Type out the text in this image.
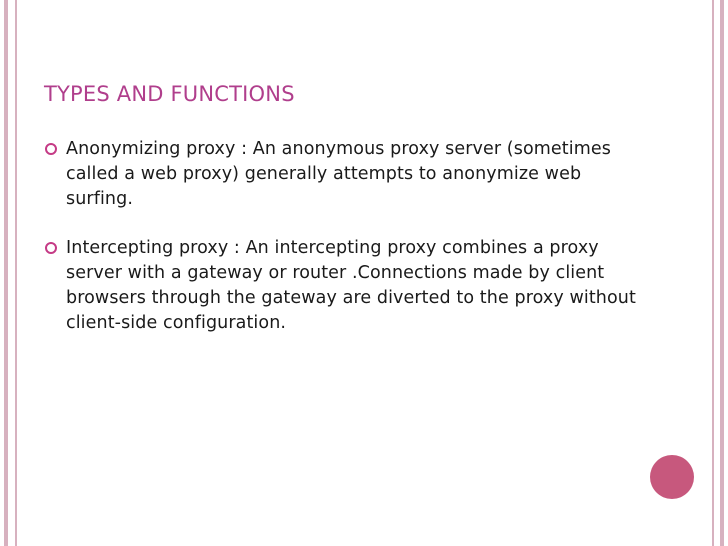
TYPES AND FUNCTIONS
Anonymizing proxy : An anonymous proxy server (sometimes called a web proxy) generally attempts to anonymize web surfing.
Intercepting proxy : An intercepting proxy combines a proxy server with a gateway or router .Connections made by client browsers through the gateway are diverted to the proxy without client-side configuration.
